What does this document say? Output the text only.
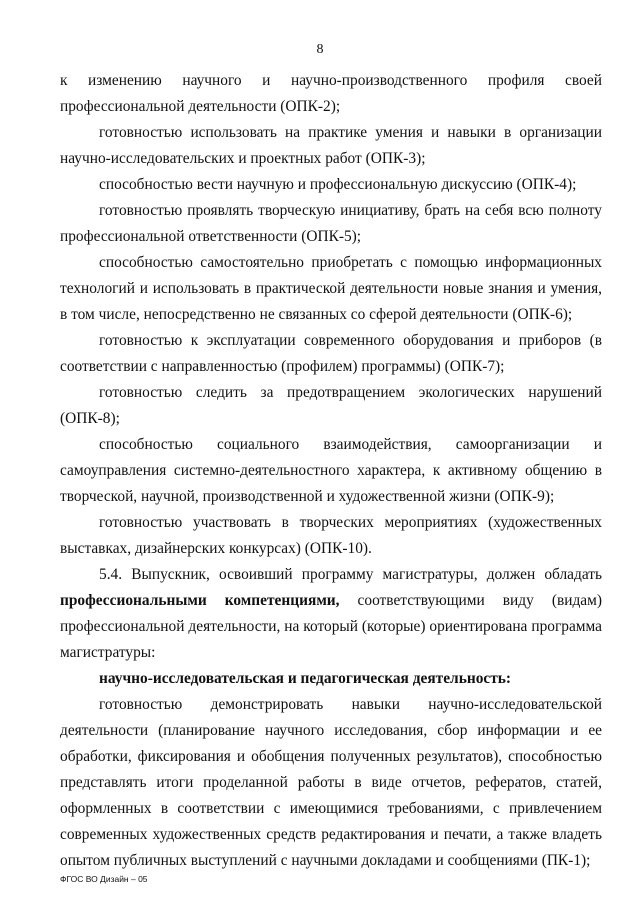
8

к изменению научного и научно-производственного профиля своей профессиональной деятельности (ОПК-2);

готовностью использовать на практике умения и навыки в организации научно-исследовательских и проектных работ (ОПК-3);

способностью вести научную и профессиональную дискуссию (ОПК-4);

готовностью проявлять творческую инициативу, брать на себя всю полноту профессиональной ответственности (ОПК-5);

способностью самостоятельно приобретать с помощью информационных технологий и использовать в практической деятельности новые знания и умения, в том числе, непосредственно не связанных со сферой деятельности (ОПК-6);

готовностью к эксплуатации современного оборудования и приборов (в соответствии с направленностью (профилем) программы) (ОПК-7);

готовностью следить за предотвращением экологических нарушений (ОПК-8);

способностью социального взаимодействия, самоорганизации и самоуправления системно-деятельностного характера, к активному общению в творческой, научной, производственной и художественной жизни (ОПК-9);

готовностью участвовать в творческих мероприятиях (художественных выставках, дизайнерских конкурсах) (ОПК-10).

5.4. Выпускник, освоивший программу магистратуры, должен обладать профессиональными компетенциями, соответствующими виду (видам) профессиональной деятельности, на который (которые) ориентирована программа магистратуры:

научно-исследовательская и педагогическая деятельность:

готовностью демонстрировать навыки научно-исследовательской деятельности (планирование научного исследования, сбор информации и ее обработки, фиксирования и обобщения полученных результатов), способностью представлять итоги проделанной работы в виде отчетов, рефератов, статей, оформленных в соответствии с имеющимися требованиями, с привлечением современных художественных средств редактирования и печати, а также владеть опытом публичных выступлений с научными докладами и сообщениями (ПК-1);

ФГОС ВО Дизайн – 05
